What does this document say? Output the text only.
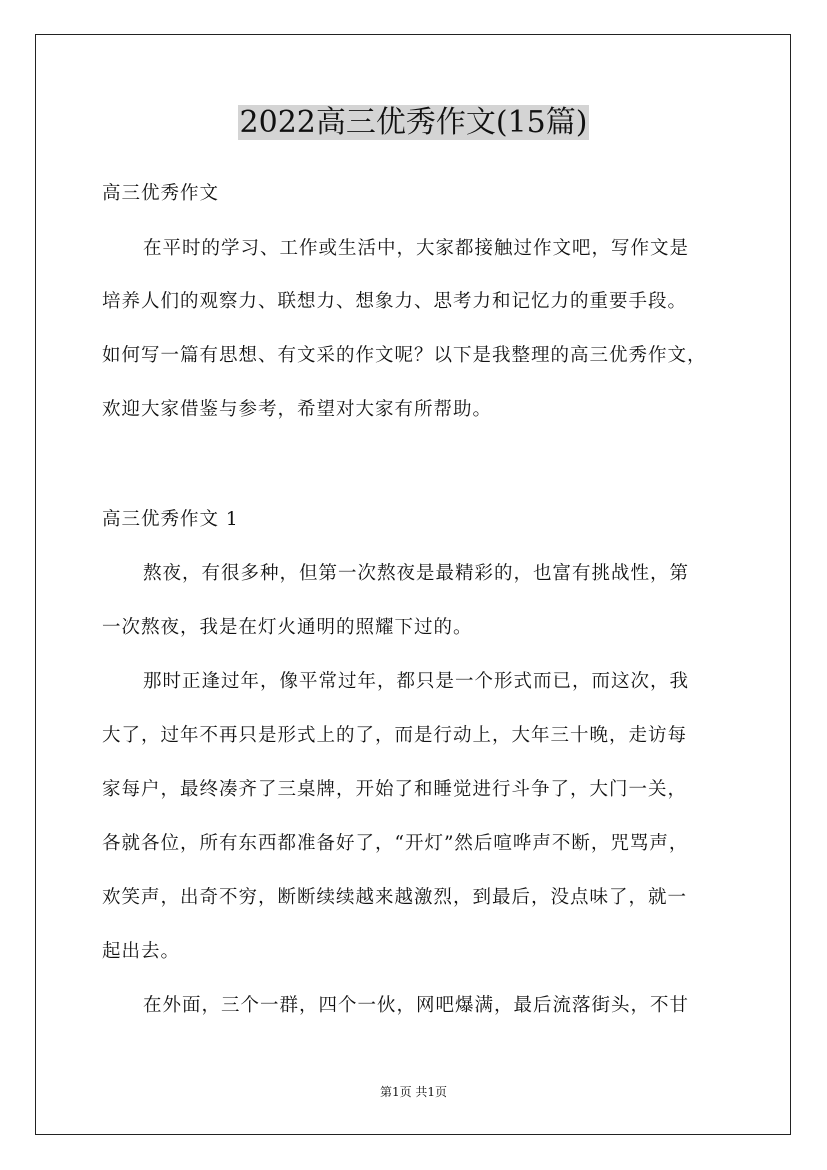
2022高三优秀作文(15篇)
高三优秀作文
在平时的学习、工作或生活中，大家都接触过作文吧，写作文是
培养人们的观察力、联想力、想象力、思考力和记忆力的重要手段。
如何写一篇有思想、有文采的作文呢？以下是我整理的高三优秀作文，
欢迎大家借鉴与参考，希望对大家有所帮助。
高三优秀作文 1
熬夜，有很多种，但第一次熬夜是最精彩的，也富有挑战性，第
一次熬夜，我是在灯火通明的照耀下过的。
那时正逢过年，像平常过年，都只是一个形式而已，而这次，我
大了，过年不再只是形式上的了，而是行动上，大年三十晚，走访每
家每户，最终凑齐了三桌牌，开始了和睡觉进行斗争了，大门一关，
各就各位，所有东西都准备好了，“开灯”然后喧哗声不断，咒骂声，
欢笑声，出奇不穷，断断续续越来越激烈，到最后，没点味了，就一
起出去。
在外面，三个一群，四个一伙，网吧爆满，最后流落街头，不甘
第1页 共1页
